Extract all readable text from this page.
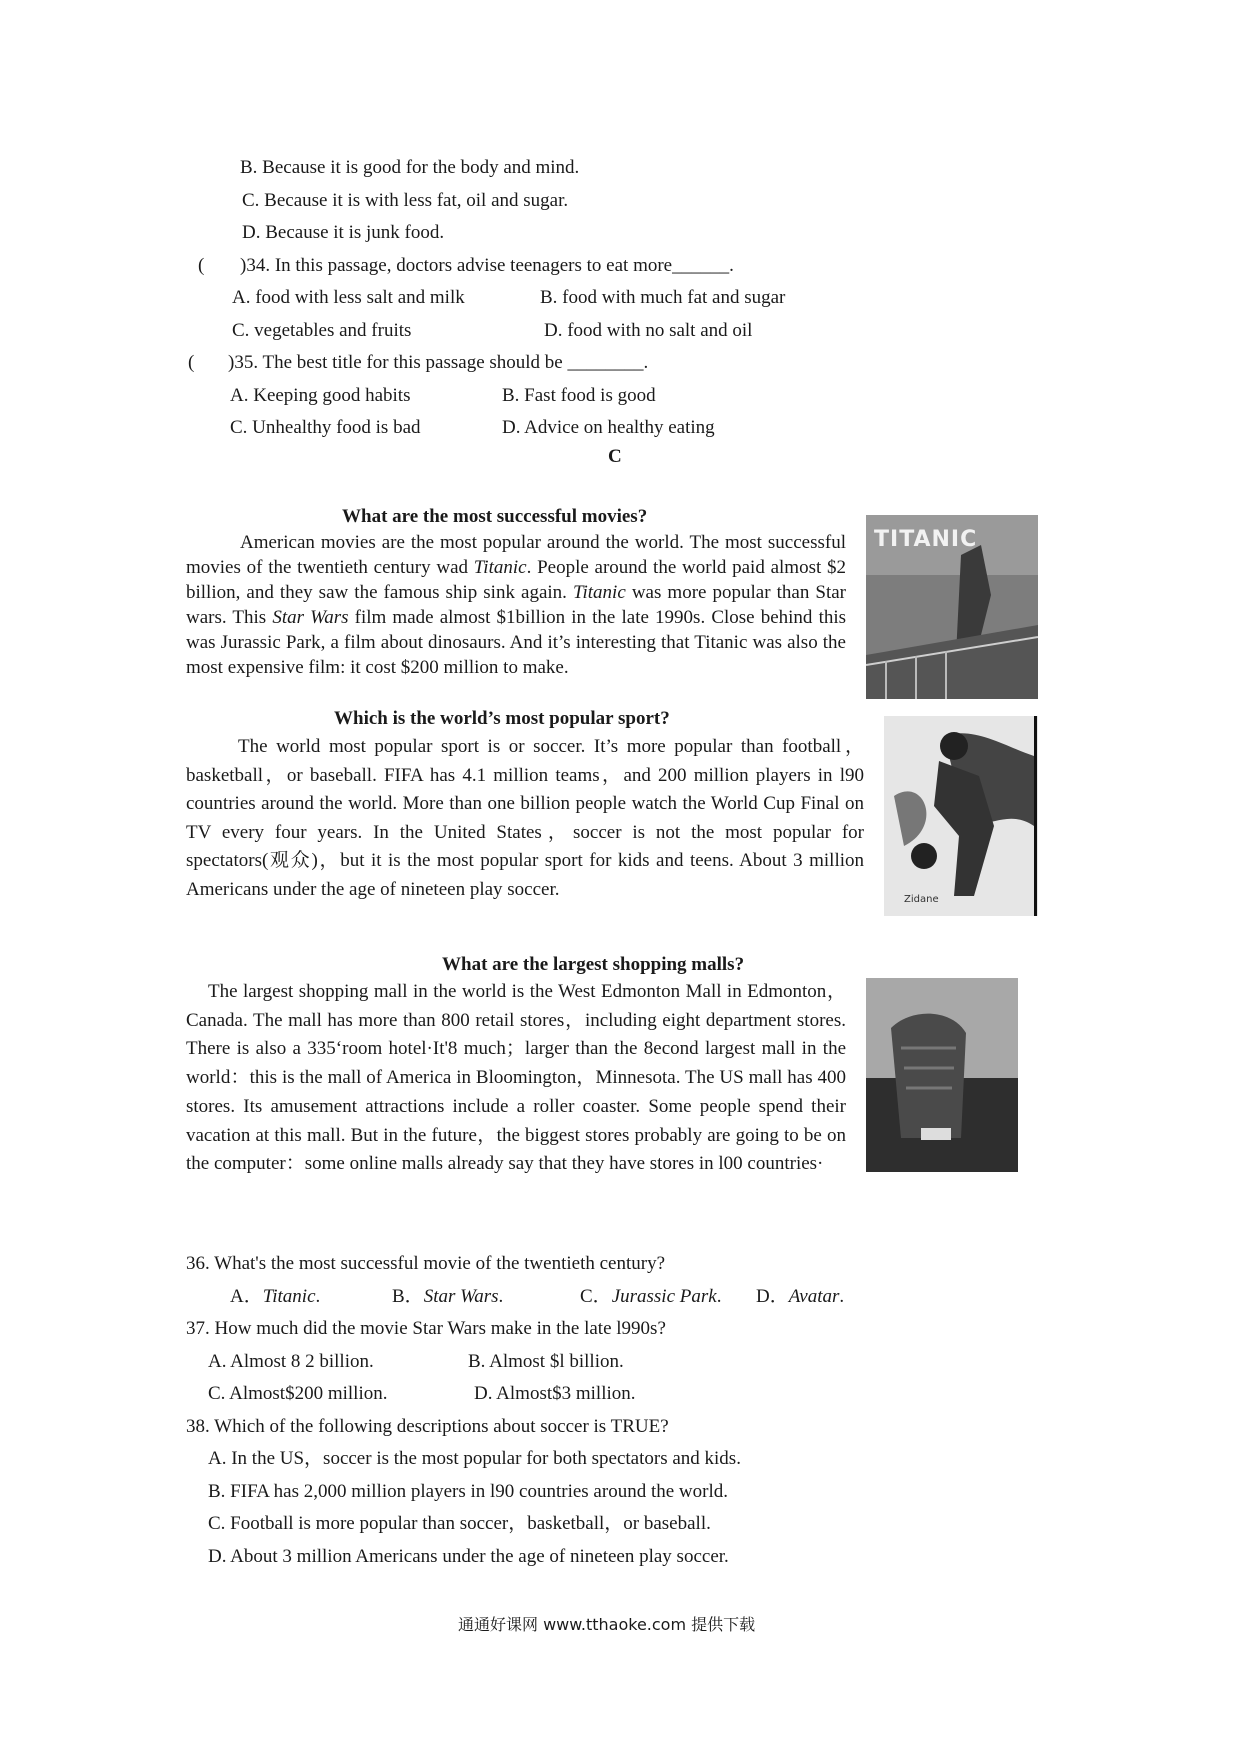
B. Because it is good for the body and mind.
C. Because it is with less fat, oil and sugar.
D. Because it is junk food.
( )34. In this passage, doctors advise teenagers to eat more______.
A. food with less salt and milk	B. food with much fat and sugar
C. vegetables and fruits	D. food with no salt and oil
( )35. The best title for this passage should be ________.
A. Keeping good habits	B. Fast food is good
C. Unhealthy food is bad	D. Advice on healthy eating
C
What are the most successful movies?

American movies are the most popular around the world. The most successful movies of the twentieth century wad Titanic. People around the world paid almost $2 billion, and they saw the famous ship sink again. Titanic was more popular than Star wars. This Star Wars film made almost $1billion in the late 1990s. Close behind this was Jurassic Park, a film about dinosaurs. And it’s interesting that Titanic was also the most expensive film: it cost $200 million to make.

TITANIC
Which is the world’s most popular sport?

The world most popular sport is or soccer. It’s more popular than football，basketball，or baseball. FIFA has 4.1 million teams，and 200 million players in l90 countries around the world. More than one billion people watch the World Cup Final on TV every four years. In the United States，soccer is not the most popular for spectators(观众)，but it is the most popular sport for kids and teens. About 3 million Americans under the age of nineteen play soccer.	Zidane
What are the largest shopping malls?

The largest shopping mall in the world is the West Edmonton Mall in Edmonton，Canada. The mall has more than 800 retail stores，including eight department stores. There is also a 335‘room hotel·It'8 much；larger than the 8econd largest mall in the world：this is the mall of America in Bloomington，Minnesota. The US mall has 400 stores. Its amusement attractions include a roller coaster. Some people spend their vacation at this mall. But in the future，the biggest stores probably are going to be on the computer：some online malls already say that they have stores in l00 countries·

36. What's the most successful movie of the twentieth century?
A．Titanic.	B．Star Wars.	C．Jurassic Park. D．Avatar.
37. How much did the movie Star Wars make in the late l990s?
A. Almost 8 2 billion.	B. Almost $l billion.
C. Almost$200 million.	D. Almost$3 million.
38. Which of the following descriptions about soccer is TRUE?
A. In the US，soccer is the most popular for both spectators and kids.
B. FIFA has 2,000 million players in l90 countries around the world.
C. Football is more popular than soccer，basketball，or baseball.
D. About 3 million Americans under the age of nineteen play soccer.
通通好课网 www.tthaoke.com 提供下载
